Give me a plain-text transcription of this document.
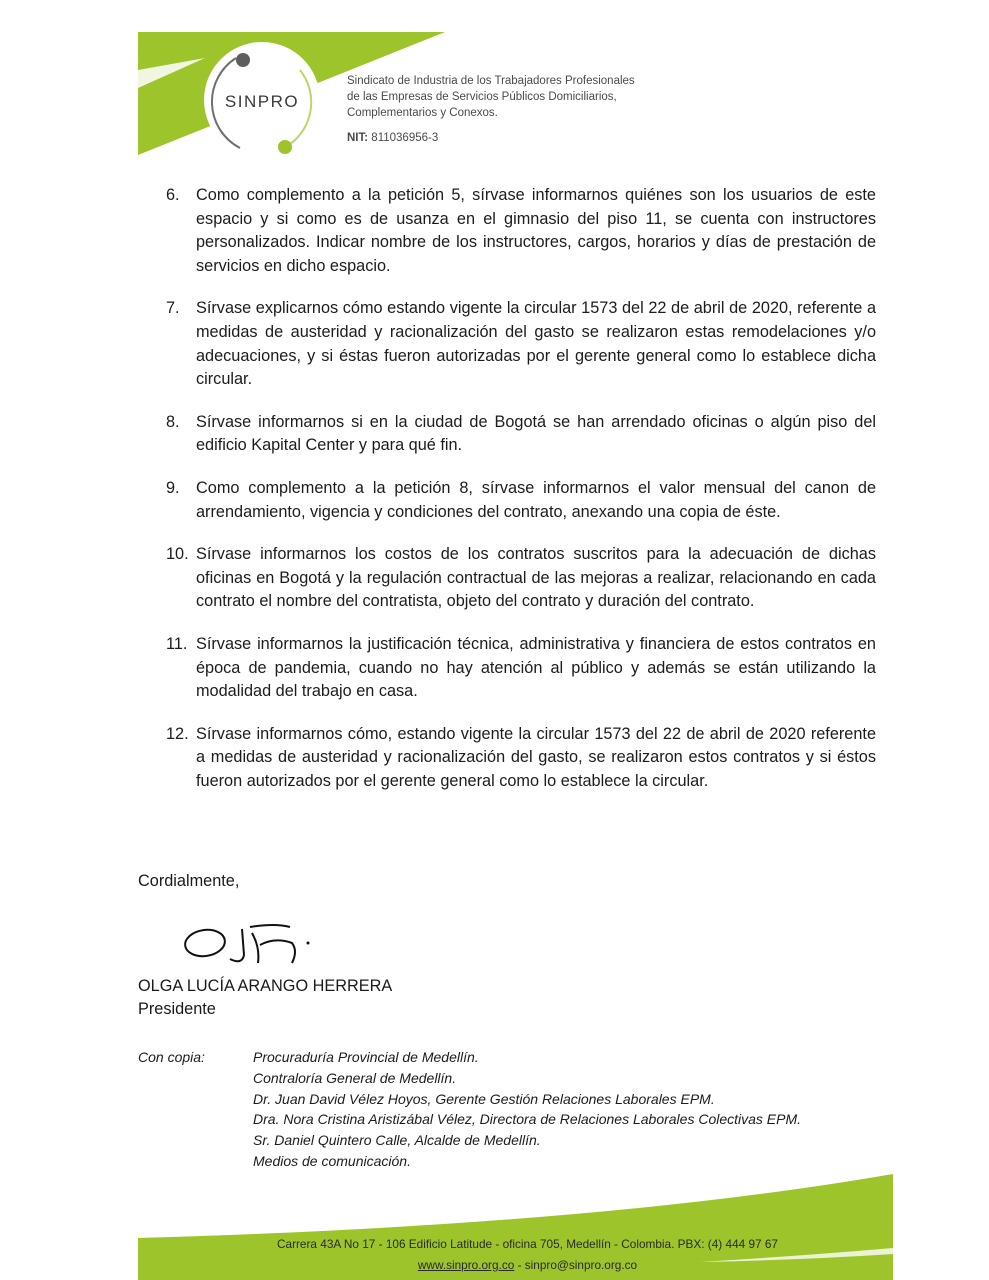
SINPRO
Sindicato de Industria de los Trabajadores Profesionales
de las Empresas de Servicios Públicos Domiciliarios,
Complementarios y Conexos.
NIT: 811036956-3
6.	Como complemento a la petición 5, sírvase informarnos quiénes son los usuarios de este espacio y si como es de usanza en el gimnasio del piso 11, se cuenta con instructores personalizados. Indicar nombre de los instructores, cargos, horarios y días de prestación de servicios en dicho espacio.
7.	Sírvase explicarnos cómo estando vigente la circular 1573 del 22 de abril de 2020, referente a medidas de austeridad y racionalización del gasto se realizaron estas remodelaciones y/o adecuaciones, y si éstas fueron autorizadas por el gerente general como lo establece dicha circular.
8.	Sírvase informarnos si en la ciudad de Bogotá se han arrendado oficinas o algún piso del edificio Kapital Center y para qué fin.
9.	Como complemento a la petición 8, sírvase informarnos el valor mensual del canon de arrendamiento, vigencia y condiciones del contrato, anexando una copia de éste.
10. Sírvase informarnos los costos de los contratos suscritos para la adecuación de dichas oficinas en Bogotá y la regulación contractual de las mejoras a realizar, relacionando en cada contrato el nombre del contratista, objeto del contrato y duración del contrato.
11. Sírvase informarnos la justificación técnica, administrativa y financiera de estos contratos en época de pandemia, cuando no hay atención al público y además se están utilizando la modalidad del trabajo en casa.
12. Sírvase informarnos cómo, estando vigente la circular 1573 del 22 de abril de 2020 referente a medidas de austeridad y racionalización del gasto, se realizaron estos contratos y si éstos fueron autorizados por el gerente general como lo establece la circular.
Cordialmente,
OLGA LUCÍA ARANGO HERRERA
Presidente
Con copia:	Procuraduría Provincial de Medellín.
Contraloría General de Medellín.
Dr. Juan David Vélez Hoyos, Gerente Gestión Relaciones Laborales EPM.
Dra. Nora Cristina Aristizábal Vélez, Directora de Relaciones Laborales Colectivas EPM.
Sr. Daniel Quintero Calle, Alcalde de Medellín.
Medios de comunicación.
Carrera 43A No 17 - 106 Edificio Latitude - oficina 705, Medellín - Colombia. PBX: (4) 444 97 67
www.sinpro.org.co - sinpro@sinpro.org.co
